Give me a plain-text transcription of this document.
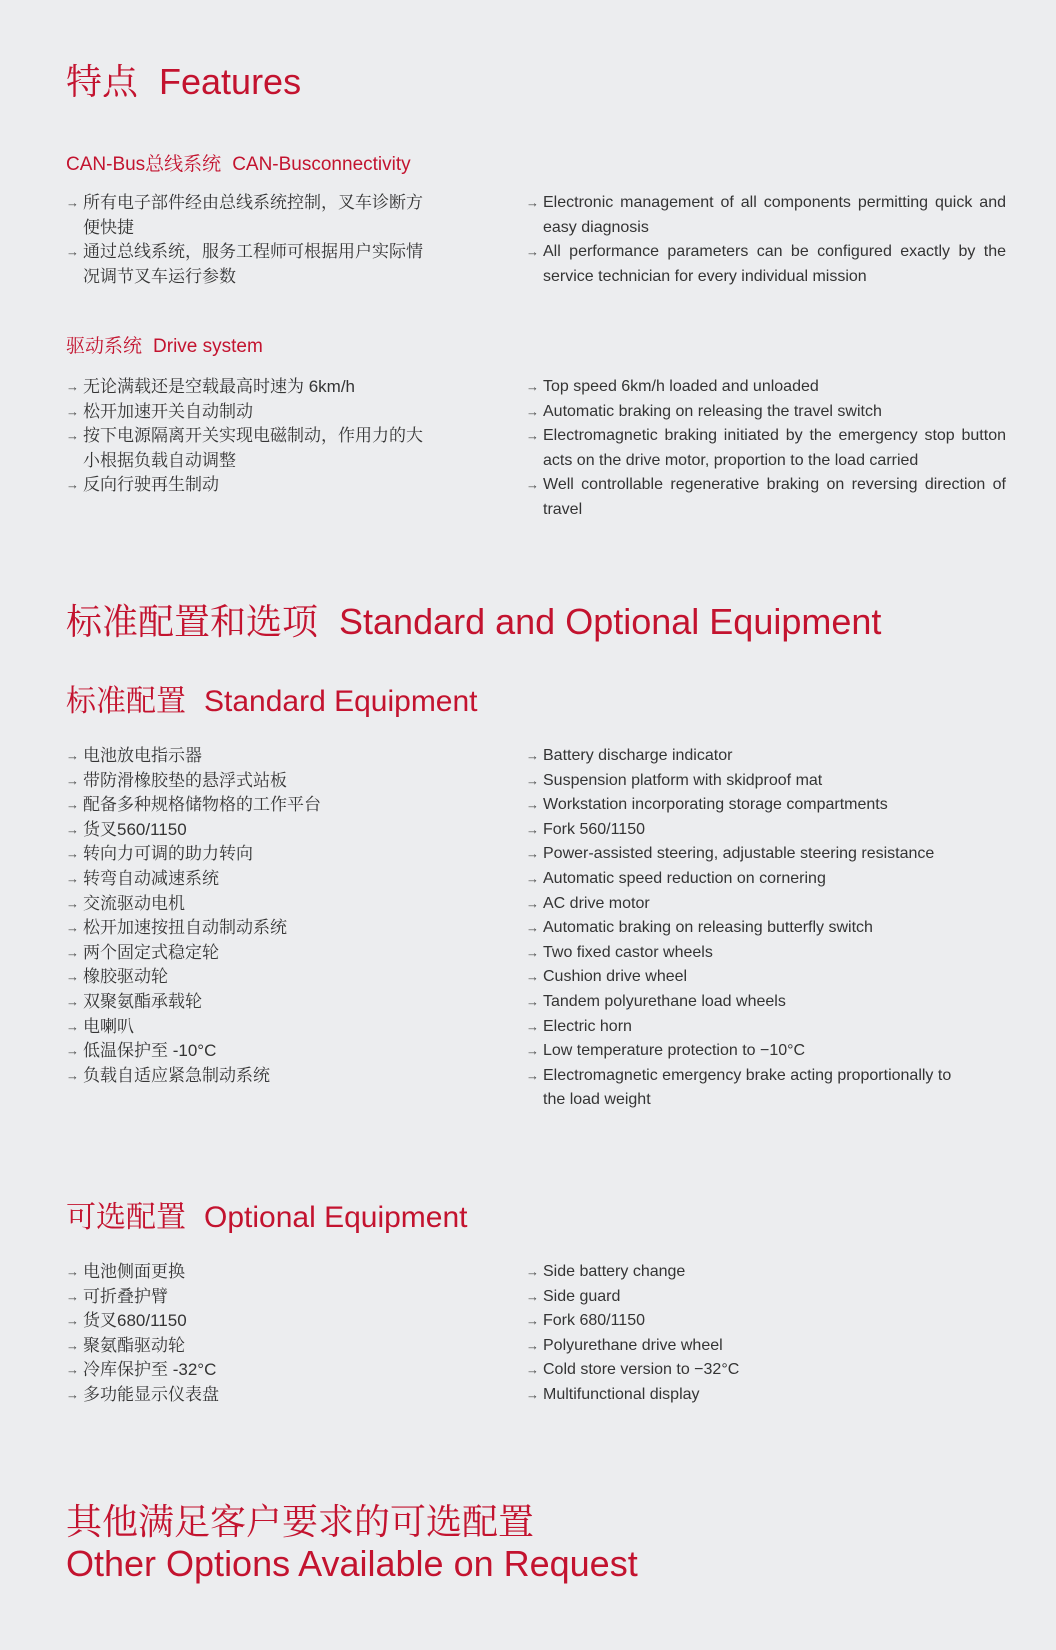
特点 Features
CAN-Bus总线系统 CAN-Busconnectivity
→ 所有电子部件经由总线系统控制，叉车诊断方便快捷
→ 通过总线系统，服务工程师可根据用户实际情况调节叉车运行参数
→ Electronic management of all components permitting quick and easy diagnosis
→ All performance parameters can be configured exactly by the service technician for every individual mission
驱动系统 Drive system
→ 无论满载还是空载最高时速为 6km/h
→ 松开加速开关自动制动
→ 按下电源隔离开关实现电磁制动，作用力的大小根据负载自动调整
→ 反向行驶再生制动
→ Top speed 6km/h loaded and unloaded
→ Automatic braking on releasing the travel switch
→ Electromagnetic braking initiated by the emergency stop button acts on the drive motor, proportion to the load carried
→ Well controllable regenerative braking on reversing direction of travel
标准配置和选项 Standard and Optional Equipment
标准配置 Standard Equipment
→ 电池放电指示器
→ 带防滑橡胶垫的悬浮式站板
→ 配备多种规格储物格的工作平台
→ 货叉560/1150
→ 转向力可调的助力转向
→ 转弯自动减速系统
→ 交流驱动电机
→ 松开加速按扭自动制动系统
→ 两个固定式稳定轮
→ 橡胶驱动轮
→ 双聚氨酯承载轮
→ 电喇叭
→ 低温保护至 -10°C
→ 负载自适应紧急制动系统
→ Battery discharge indicator
→ Suspension platform with skidproof mat
→ Workstation incorporating storage compartments
→ Fork 560/1150
→ Power-assisted steering, adjustable steering resistance
→ Automatic speed reduction on cornering
→ AC drive motor
→ Automatic braking on releasing butterfly switch
→ Two fixed castor wheels
→ Cushion drive wheel
→ Tandem polyurethane load wheels
→ Electric horn
→ Low temperature protection to −10°C
→ Electromagnetic emergency brake acting proportionally to the load weight
可选配置 Optional Equipment
→ 电池侧面更换
→ 可折叠护臂
→ 货叉680/1150
→ 聚氨酯驱动轮
→ 冷库保护至 -32°C
→ 多功能显示仪表盘
→ Side battery change
→ Side guard
→ Fork 680/1150
→ Polyurethane drive wheel
→ Cold store version to −32°C
→ Multifunctional display
其他满足客户要求的可选配置
Other Options Available on Request
